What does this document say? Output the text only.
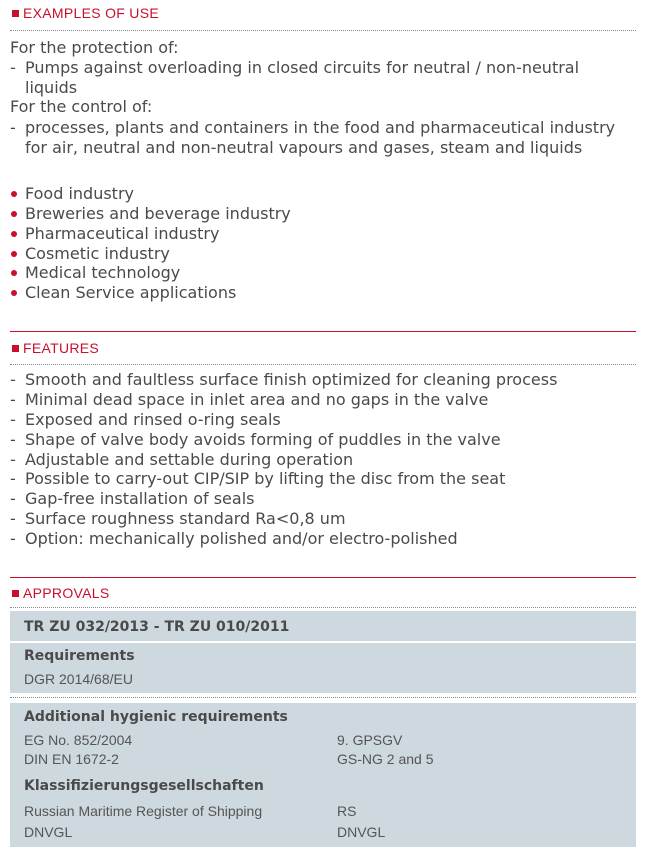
EXAMPLES OF USE
For the protection of:
- Pumps against overloading in closed circuits for neutral / non-neutral liquids
For the control of:
- processes, plants and containers in the food and pharmaceutical industry for air, neutral and non-neutral vapours and gases, steam and liquids
Food industry
Breweries and beverage industry
Pharmaceutical industry
Cosmetic industry
Medical technology
Clean Service applications
FEATURES
- Smooth and faultless surface finish optimized for cleaning process
- Minimal dead space in inlet area and no gaps in the valve
- Exposed and rinsed o-ring seals
- Shape of valve body avoids forming of puddles in the valve
- Adjustable and settable during operation
- Possible to carry-out CIP/SIP by lifting the disc from the seat
- Gap-free installation of seals
- Surface roughness standard Ra<0,8 um
- Option: mechanically polished and/or electro-polished
APPROVALS
TR ZU 032/2013 - TR ZU 010/2011
Requirements
DGR 2014/68/EU
Additional hygienic requirements
EG No. 852/2004	9. GPSGV
DIN EN 1672-2	GS-NG 2 and 5
Klassifizierungsgesellschaften
Russian Maritime Register of Shipping	RS
DNVGL	DNVGL
